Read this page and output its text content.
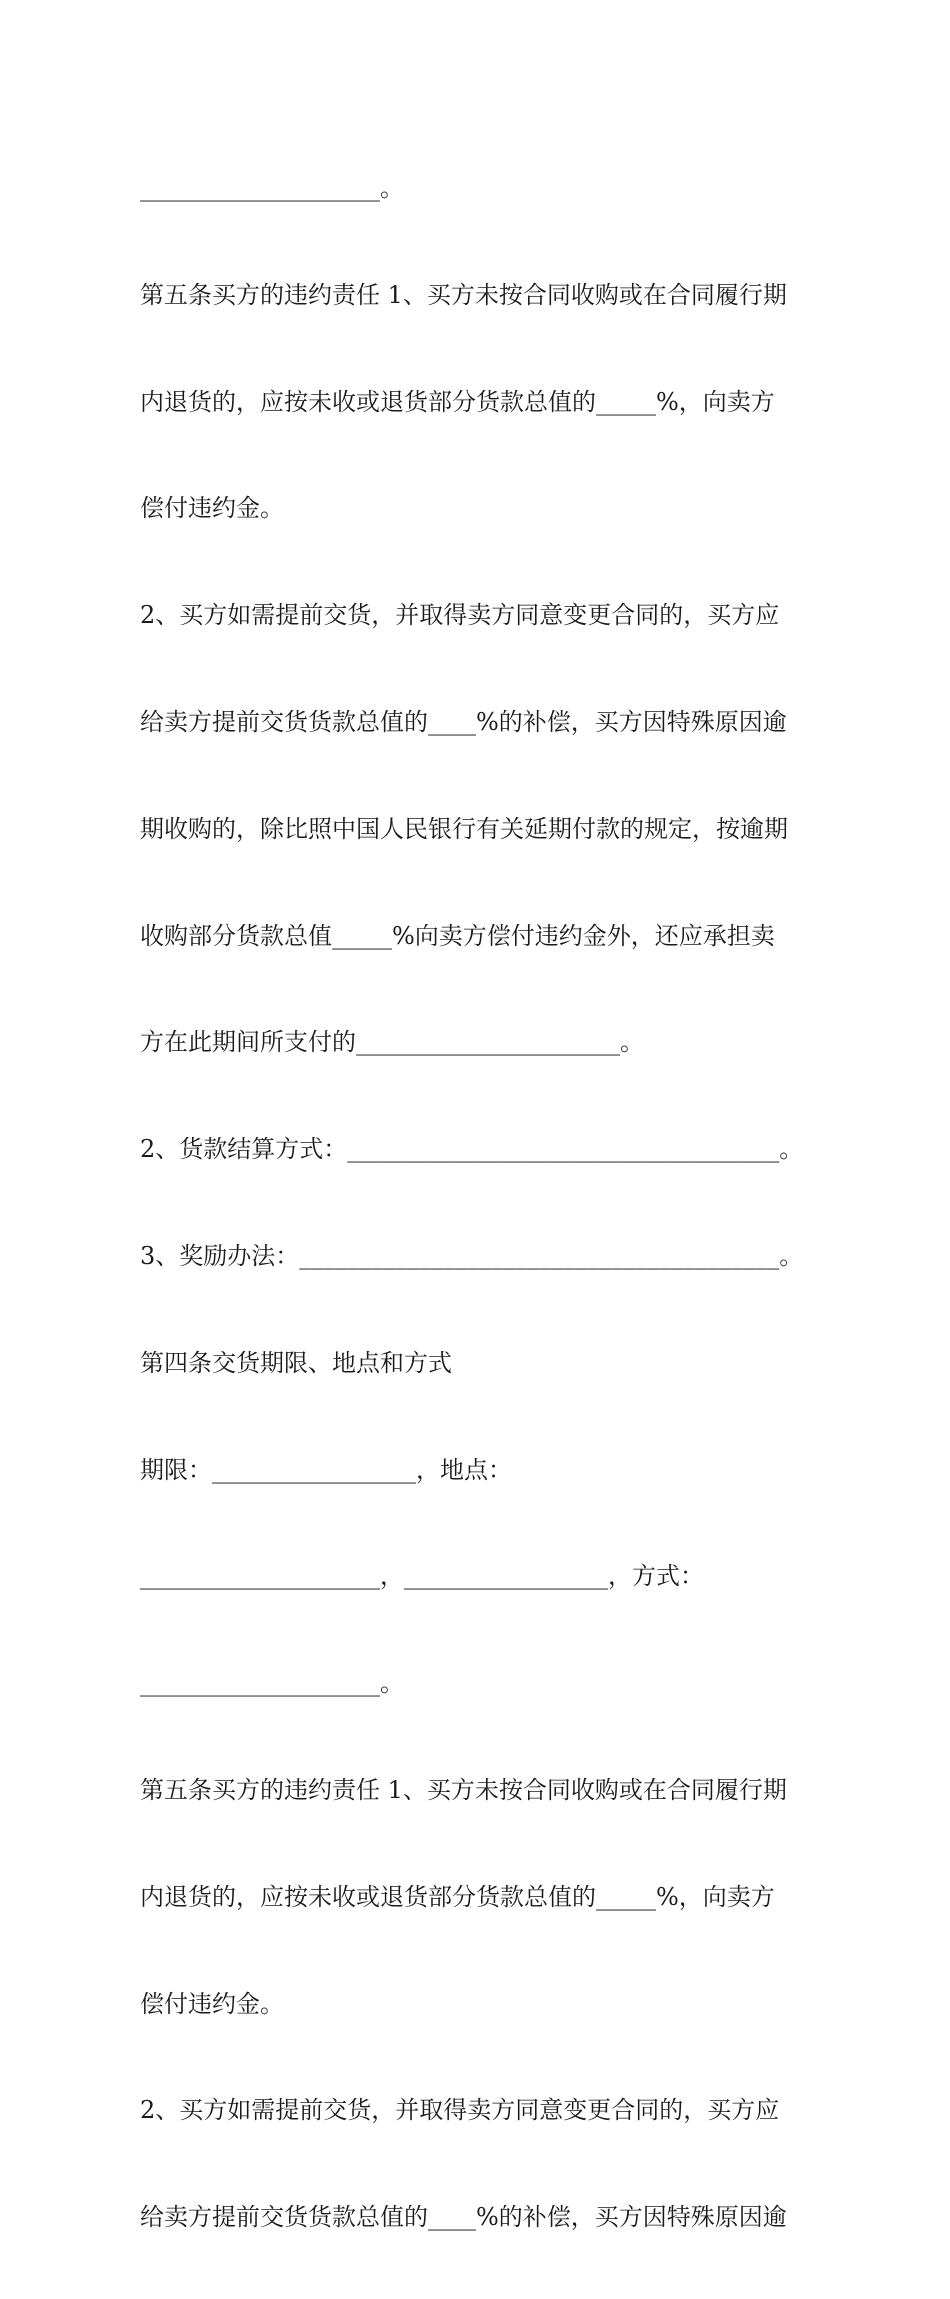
____________________。

第五条买方的违约责任 1、买方未按合同收购或在合同履行期

内退货的，应按未收或退货部分货款总值的_____%，向卖方

偿付违约金。

2、买方如需提前交货，并取得卖方同意变更合同的，买方应

给卖方提前交货货款总值的____%的补偿，买方因特殊原因逾

期收购的，除比照中国人民银行有关延期付款的规定，按逾期

收购部分货款总值_____%向卖方偿付违约金外，还应承担卖

方在此期间所支付的______________________。

2、货款结算方式：____________________________________。

3、奖励办法：________________________________________。

第四条交货期限、地点和方式

期限：_________________，地点：

____________________，_________________，方式：

____________________。

第五条买方的违约责任 1、买方未按合同收购或在合同履行期

内退货的，应按未收或退货部分货款总值的_____%，向卖方

偿付违约金。

2、买方如需提前交货，并取得卖方同意变更合同的，买方应

给卖方提前交货货款总值的____%的补偿，买方因特殊原因逾
